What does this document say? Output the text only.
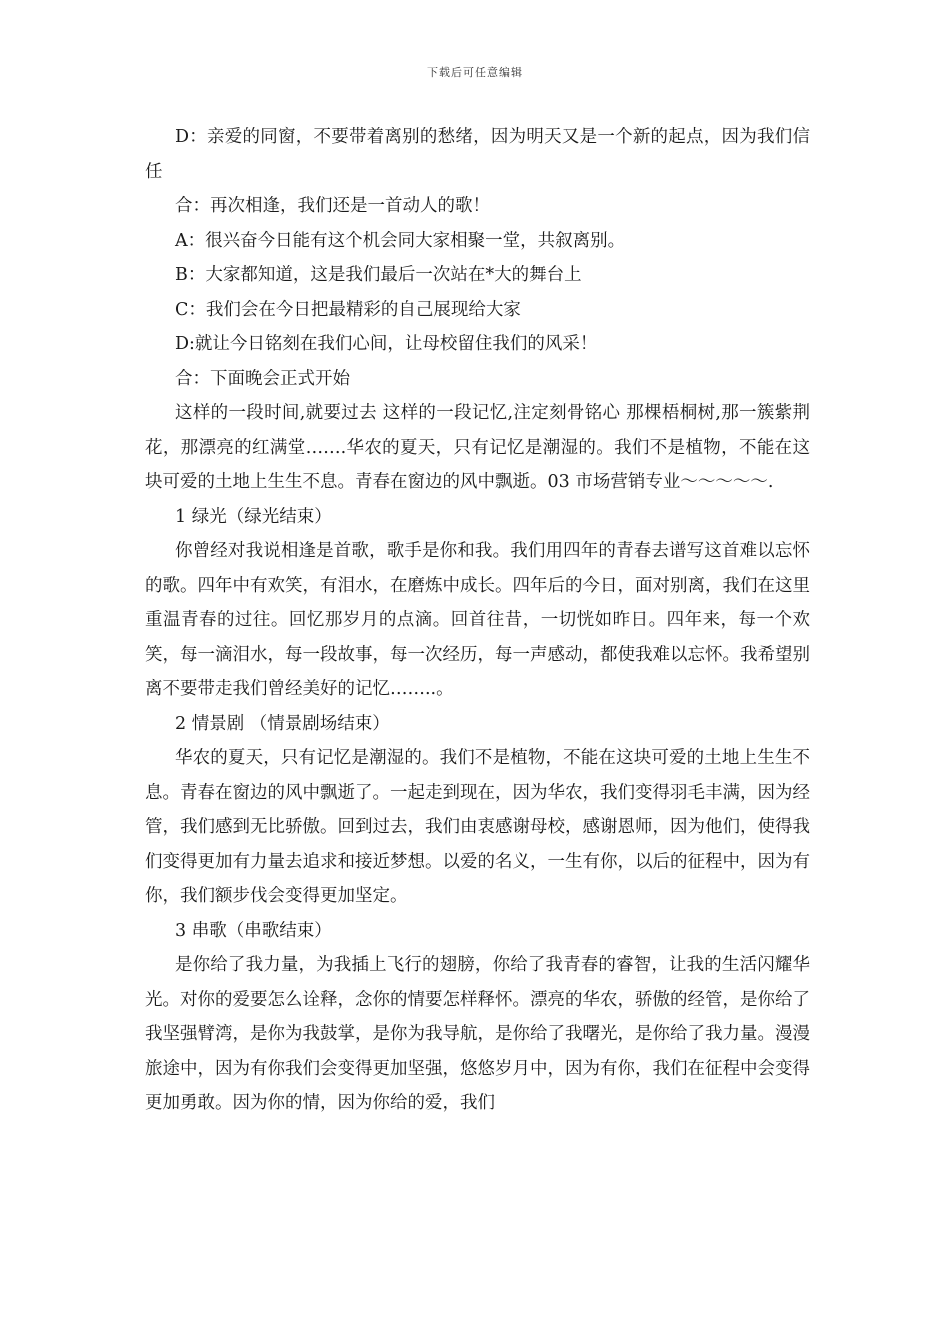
下载后可任意编辑

D：亲爱的同窗，不要带着离别的愁绪，因为明天又是一个新的起点，因为我们信任

合：再次相逢，我们还是一首动人的歌！

A：很兴奋今日能有这个机会同大家相聚一堂，共叙离别。

B：大家都知道，这是我们最后一次站在*大的舞台上

C：我们会在今日把最精彩的自己展现给大家

D:就让今日铭刻在我们心间，让母校留住我们的风采！

合：下面晚会正式开始

这样的一段时间,就要过去 这样的一段记忆,注定刻骨铭心 那棵梧桐树,那一簇紫荆花，那漂亮的红满堂…….华农的夏天，只有记忆是潮湿的。我们不是植物，不能在这块可爱的土地上生生不息。青春在窗边的风中飘逝。03 市场营销专业～～～～～.

1 绿光（绿光结束）

你曾经对我说相逢是首歌，歌手是你和我。我们用四年的青春去谱写这首难以忘怀的歌。四年中有欢笑，有泪水，在磨炼中成长。四年后的今日，面对别离，我们在这里重温青春的过往。回忆那岁月的点滴。回首往昔，一切恍如昨日。四年来，每一个欢笑，每一滴泪水，每一段故事，每一次经历，每一声感动，都使我难以忘怀。我希望别离不要带走我们曾经美好的记忆……..。

2 情景剧 （情景剧场结束）

华农的夏天，只有记忆是潮湿的。我们不是植物，不能在这块可爱的土地上生生不息。青春在窗边的风中飘逝了。一起走到现在，因为华农，我们变得羽毛丰满，因为经管，我们感到无比骄傲。回到过去，我们由衷感谢母校，感谢恩师，因为他们，使得我们变得更加有力量去追求和接近梦想。以爱的名义，一生有你，以后的征程中，因为有你，我们额步伐会变得更加坚定。

3 串歌（串歌结束）

是你给了我力量，为我插上飞行的翅膀，你给了我青春的睿智，让我的生活闪耀华光。对你的爱要怎么诠释，念你的情要怎样释怀。漂亮的华农，骄傲的经管，是你给了我坚强臂湾，是你为我鼓掌，是你为我导航，是你给了我曙光，是你给了我力量。漫漫旅途中，因为有你我们会变得更加坚强，悠悠岁月中，因为有你，我们在征程中会变得更加勇敢。因为你的情，因为你给的爱，我们
